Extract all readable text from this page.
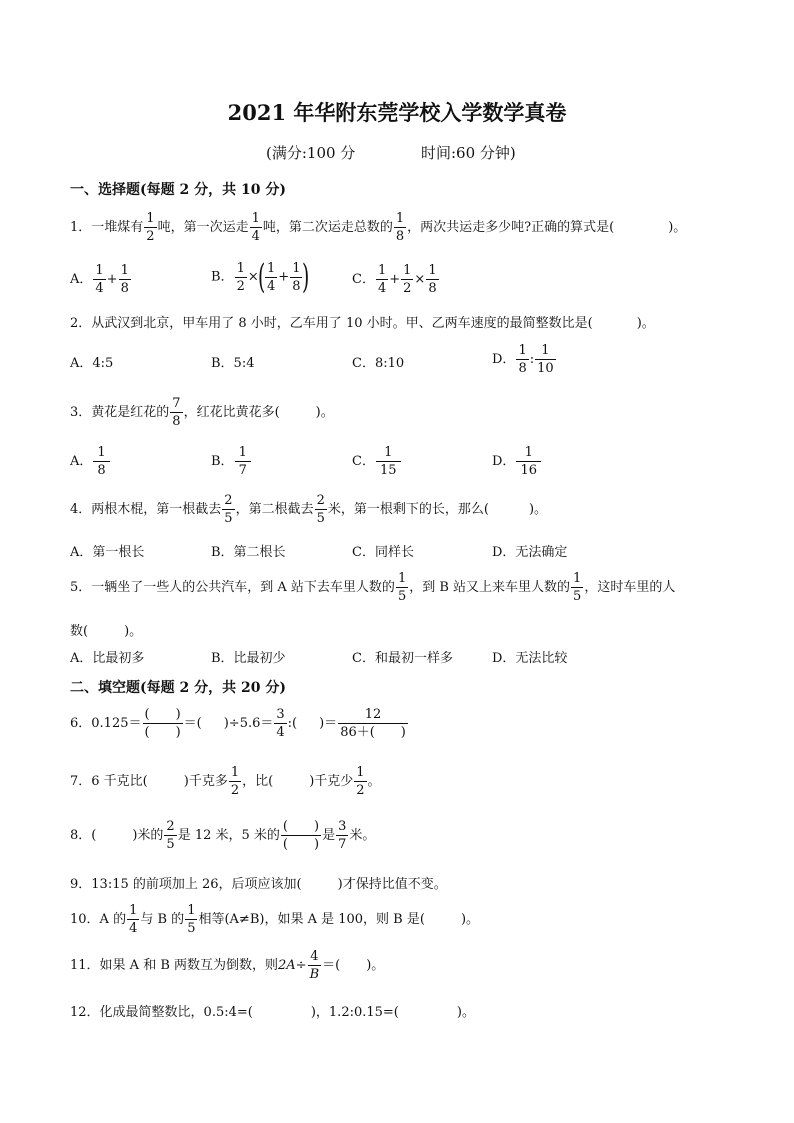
2021 年华附东莞学校入学数学真卷
(满分:100 分	时间:60 分钟)
一、选择题(每题 2 分，共 10 分)
1．一堆煤有 $\frac{1}{2}$ 吨，第一次运走 $\frac{1}{4}$ 吨，第二次运走总数的 $\frac{1}{8}$ ，两次共运走多少吨?正确的算式是(	)。
A． $\frac{1}{4} + \frac{1}{8}$	B． $\frac{1}{2}$ ×( $\frac{1}{4} + \frac{1}{8}$ )	C． $\frac{1}{4} + \frac{1}{2} \times \frac{1}{8}$
2．从武汉到北京，甲车用了 8 小时，乙车用了 10 小时。甲、乙两车速度的最简整数比是(	)。
A．4:5	B．5:4	C．8:10	D． $\frac{1}{8}$ : $\frac{1}{10}$
3．黄花是红花的 $\frac{7}{8}$ ，红花比黄花多(	)。
A． $\frac{1}{8}$	B． $\frac{1}{7}$	C． $\frac{1}{15}$	D． $\frac{1}{16}$
4．两根木棍，第一根截去 $\frac{2}{5}$ ，第二根截去 $\frac{2}{5}$ 米，第一根剩下的长，那么(	)。
A．第一根长	B．第二根长	C．同样长	D．无法确定
5．一辆坐了一些人的公共汽车，到 A 站下去车里人数的 $\frac{1}{5}$ ，到 B 站又上来车里人数的 $\frac{1}{5}$ ，这时车里的人
数(	)。
A．比最初多	B．比最初少	C．和最初一样多	D．无法比较
二、填空题(每题 2 分，共 20 分)
6．$0.125= \frac{( )}{( )}$ ＝( )$\div 5.6= \frac{3}{4}$ :( )＝ $\frac{12}{86+( )}$
7．6 千克比(	)千克多 $\frac{1}{2}$ ，比(	)千克少 $\frac{1}{2}$ 。
8．(	)米的 $\frac{2}{5}$ 是 12 米，5 米的 $\frac{( )}{( )}$ 是 $\frac{3}{7}$ 米。
9．13:15 的前项加上 26，后项应该加(	)才保持比值不变。
10．A 的 $\frac{1}{4}$ 与 B 的 $\frac{1}{5}$ 相等(A≠B)，如果 A 是 100，则 B 是(	)。
11．如果 A 和 B 两数互为倒数，则$2A\div \frac{4}{B}$ ＝(　　 )。
12．化成最简整数比，0.5:4=(	)，1.2:0.15=(	)。
